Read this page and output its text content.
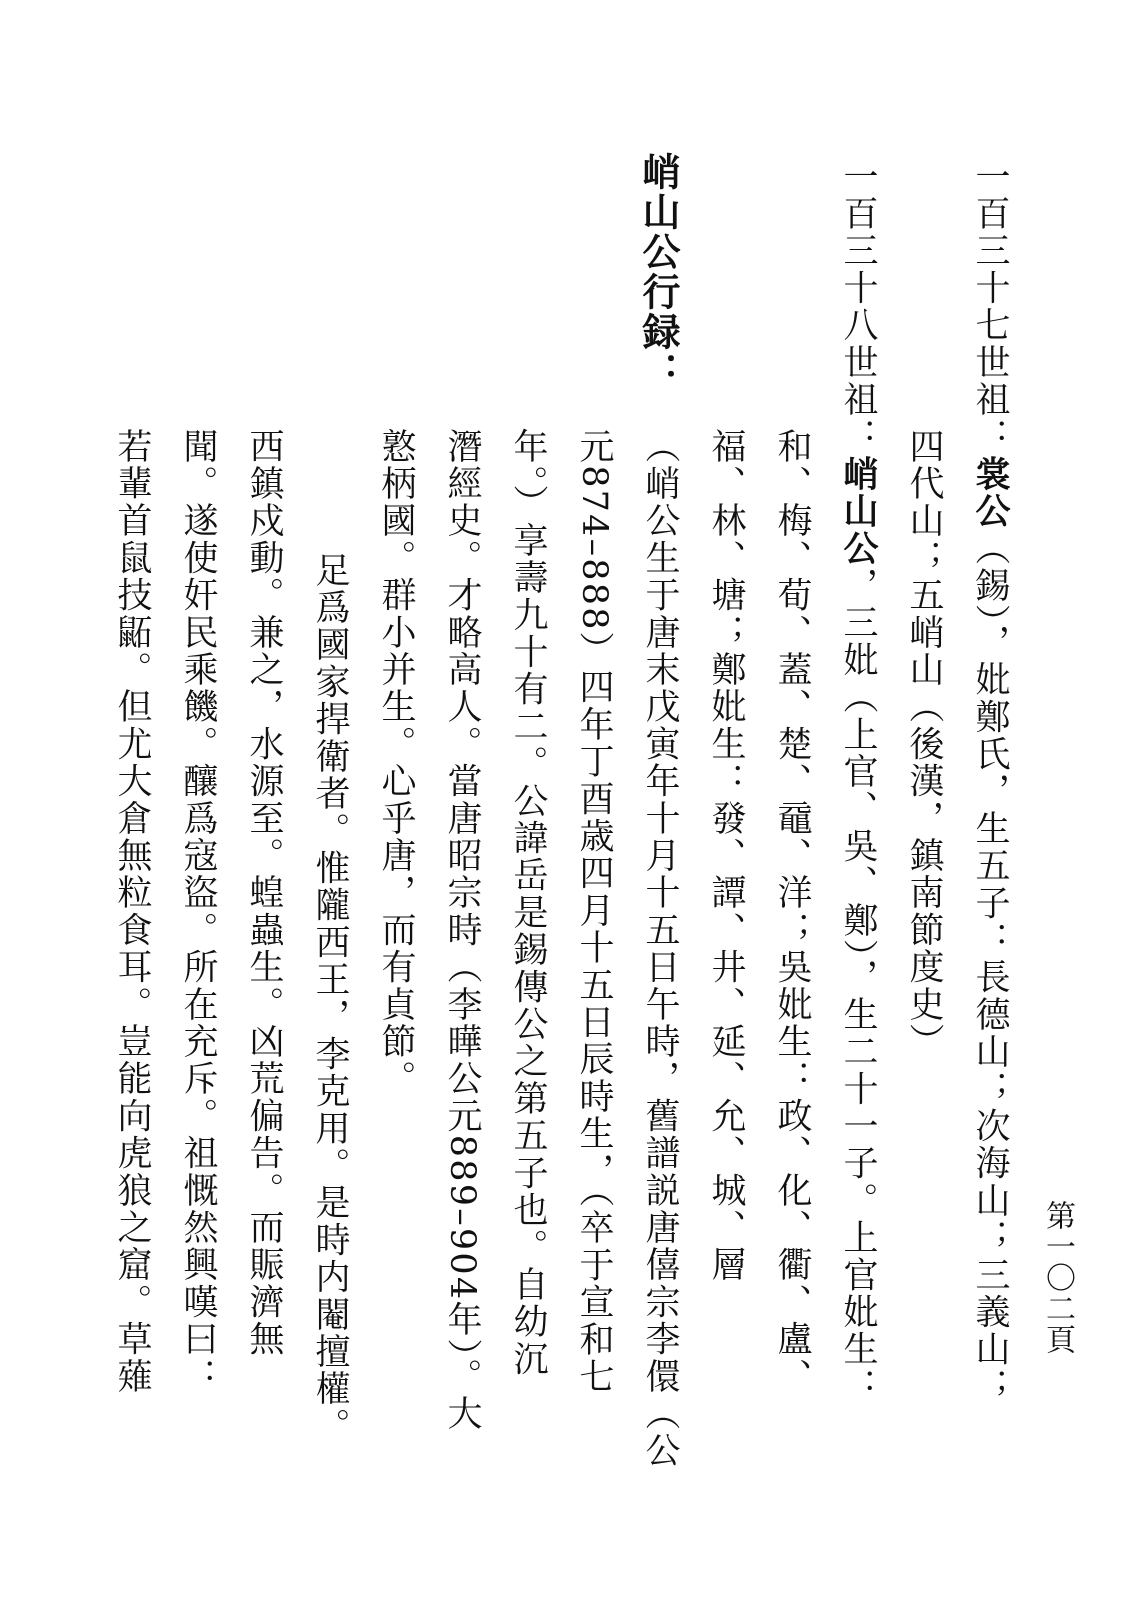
一百三十七世祖：裳公（錫），妣鄭氏，生五子：長德山；次海山；三義山；
四代山；五峭山（後漢，鎮南節度史）
一百三十八世祖：峭山公，三妣（上官、吳、鄭），生二十一子。上官妣生：
和、梅、荀、蓋、楚、黿、洋；吳妣生：政、化、衢、盧、
福、林、塘；鄭妣生：發、譚、井、延、允、城、層
峭山公行録：
（峭公生于唐末戊寅年十月十五日午時，舊譜説唐僖宗李儇（公
元874–888）四年丁酉歳四月十五日辰時生，（卒于宣和七
年。）享壽九十有二。公諱岳是錫傳公之第五子也。自幼沉
潛經史。才略高人。當唐昭宗時（李曄公元889–904年）。大
憝柄國。群小并生。心乎唐，而有貞節。
足爲國家捍衛者。惟隴西王，李克用。是時内閹擅權。
西鎮戍動。兼之，水源至。蝗蟲生。凶荒偏告。而賑濟無
聞。遂使奸民乘饑。釀爲寇盜。所在充斥。祖慨然興嘆曰：
若輩首鼠技鼫。但尤大倉無粒食耳。豈能向虎狼之窟。草薙	第一〇二頁
